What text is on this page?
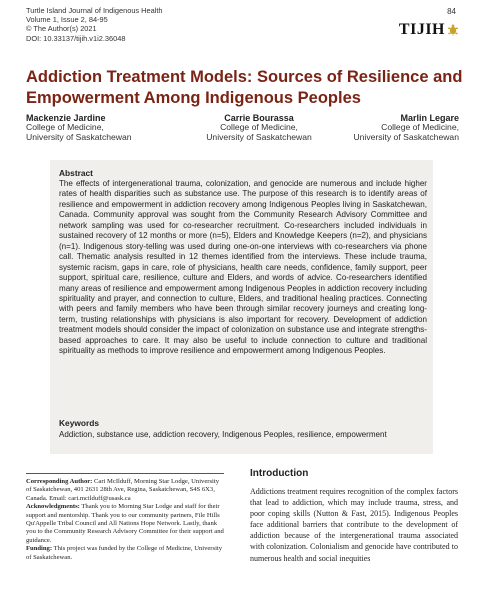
Turtle Island Journal of Indigenous Health
Volume 1, Issue 2, 84-95
© The Author(s) 2021
DOI: 10.33137/tijih.v1i2.36048
84
TIJIH
Addiction Treatment Models: Sources of Resilience and Empowerment Among Indigenous Peoples
Mackenzie Jardine
College of Medicine,
University of Saskatchewan
Carrie Bourassa
College of Medicine,
University of Saskatchewan
Marlin Legare
College of Medicine,
University of Saskatchewan
Abstract

The effects of intergenerational trauma, colonization, and genocide are numerous and include higher rates of health disparities such as substance use. The purpose of this research is to identify areas of resilience and empowerment in addiction recovery among Indigenous Peoples living in Saskatchewan, Canada. Community approval was sought from the Community Research Advisory Committee and network sampling was used for co-researcher recruitment. Co-researchers included individuals in sustained recovery of 12 months or more (n=5), Elders and Knowledge Keepers (n=2), and physicians (n=1). Indigenous story-telling was used during one-on-one interviews with co-researchers via phone call. Thematic analysis resulted in 12 themes identified from the interviews. These include trauma, systemic racism, gaps in care, role of physicians, health care needs, confidence, family support, peer support, spiritual care, resilience, culture and Elders, and words of advice. Co-researchers identified many areas of resilience and empowerment among Indigenous Peoples in addiction recovery including spirituality and prayer, and connection to culture, Elders, and traditional healing practices. Connecting with peers and family members who have been through similar recovery journeys and creating long-term, trusting relationships with physicians is also important for recovery. Development of addiction treatment models should consider the impact of colonization on substance use and integrate strengths-based approaches to care. It may also be useful to include connection to culture and traditional spirituality as methods to improve resilience and empowerment among Indigenous Peoples.

Keywords

Addiction, substance use, addiction recovery, Indigenous Peoples, resilience, empowerment

Corresponding Author: Cari McIlduff, Morning Star Lodge, University of Saskatchewan, 401 2631 28th Ave, Regina, Saskatchewan, S4S 6X3, Canada. Email: cari.mcilduff@usask.ca

Acknowledgments: Thank you to Morning Star Lodge and staff for their support and mentorship. Thank you to our community partners, File Hills Qu'Appelle Tribal Council and All Nations Hope Network. Lastly, thank you to the Community Research Advisory Committee for their support and guidance.

Funding: This project was funded by the College of Medicine, University of Saskatchewan.

Introduction

Addictions treatment requires recognition of the complex factors that lead to addiction, which may include trauma, stress, and poor coping skills (Nutton & Fast, 2015). Indigenous Peoples face additional barriers that contribute to the development of addiction because of the intergenerational trauma associated with colonization. Colonialism and genocide have contributed to numerous health and social inequities
